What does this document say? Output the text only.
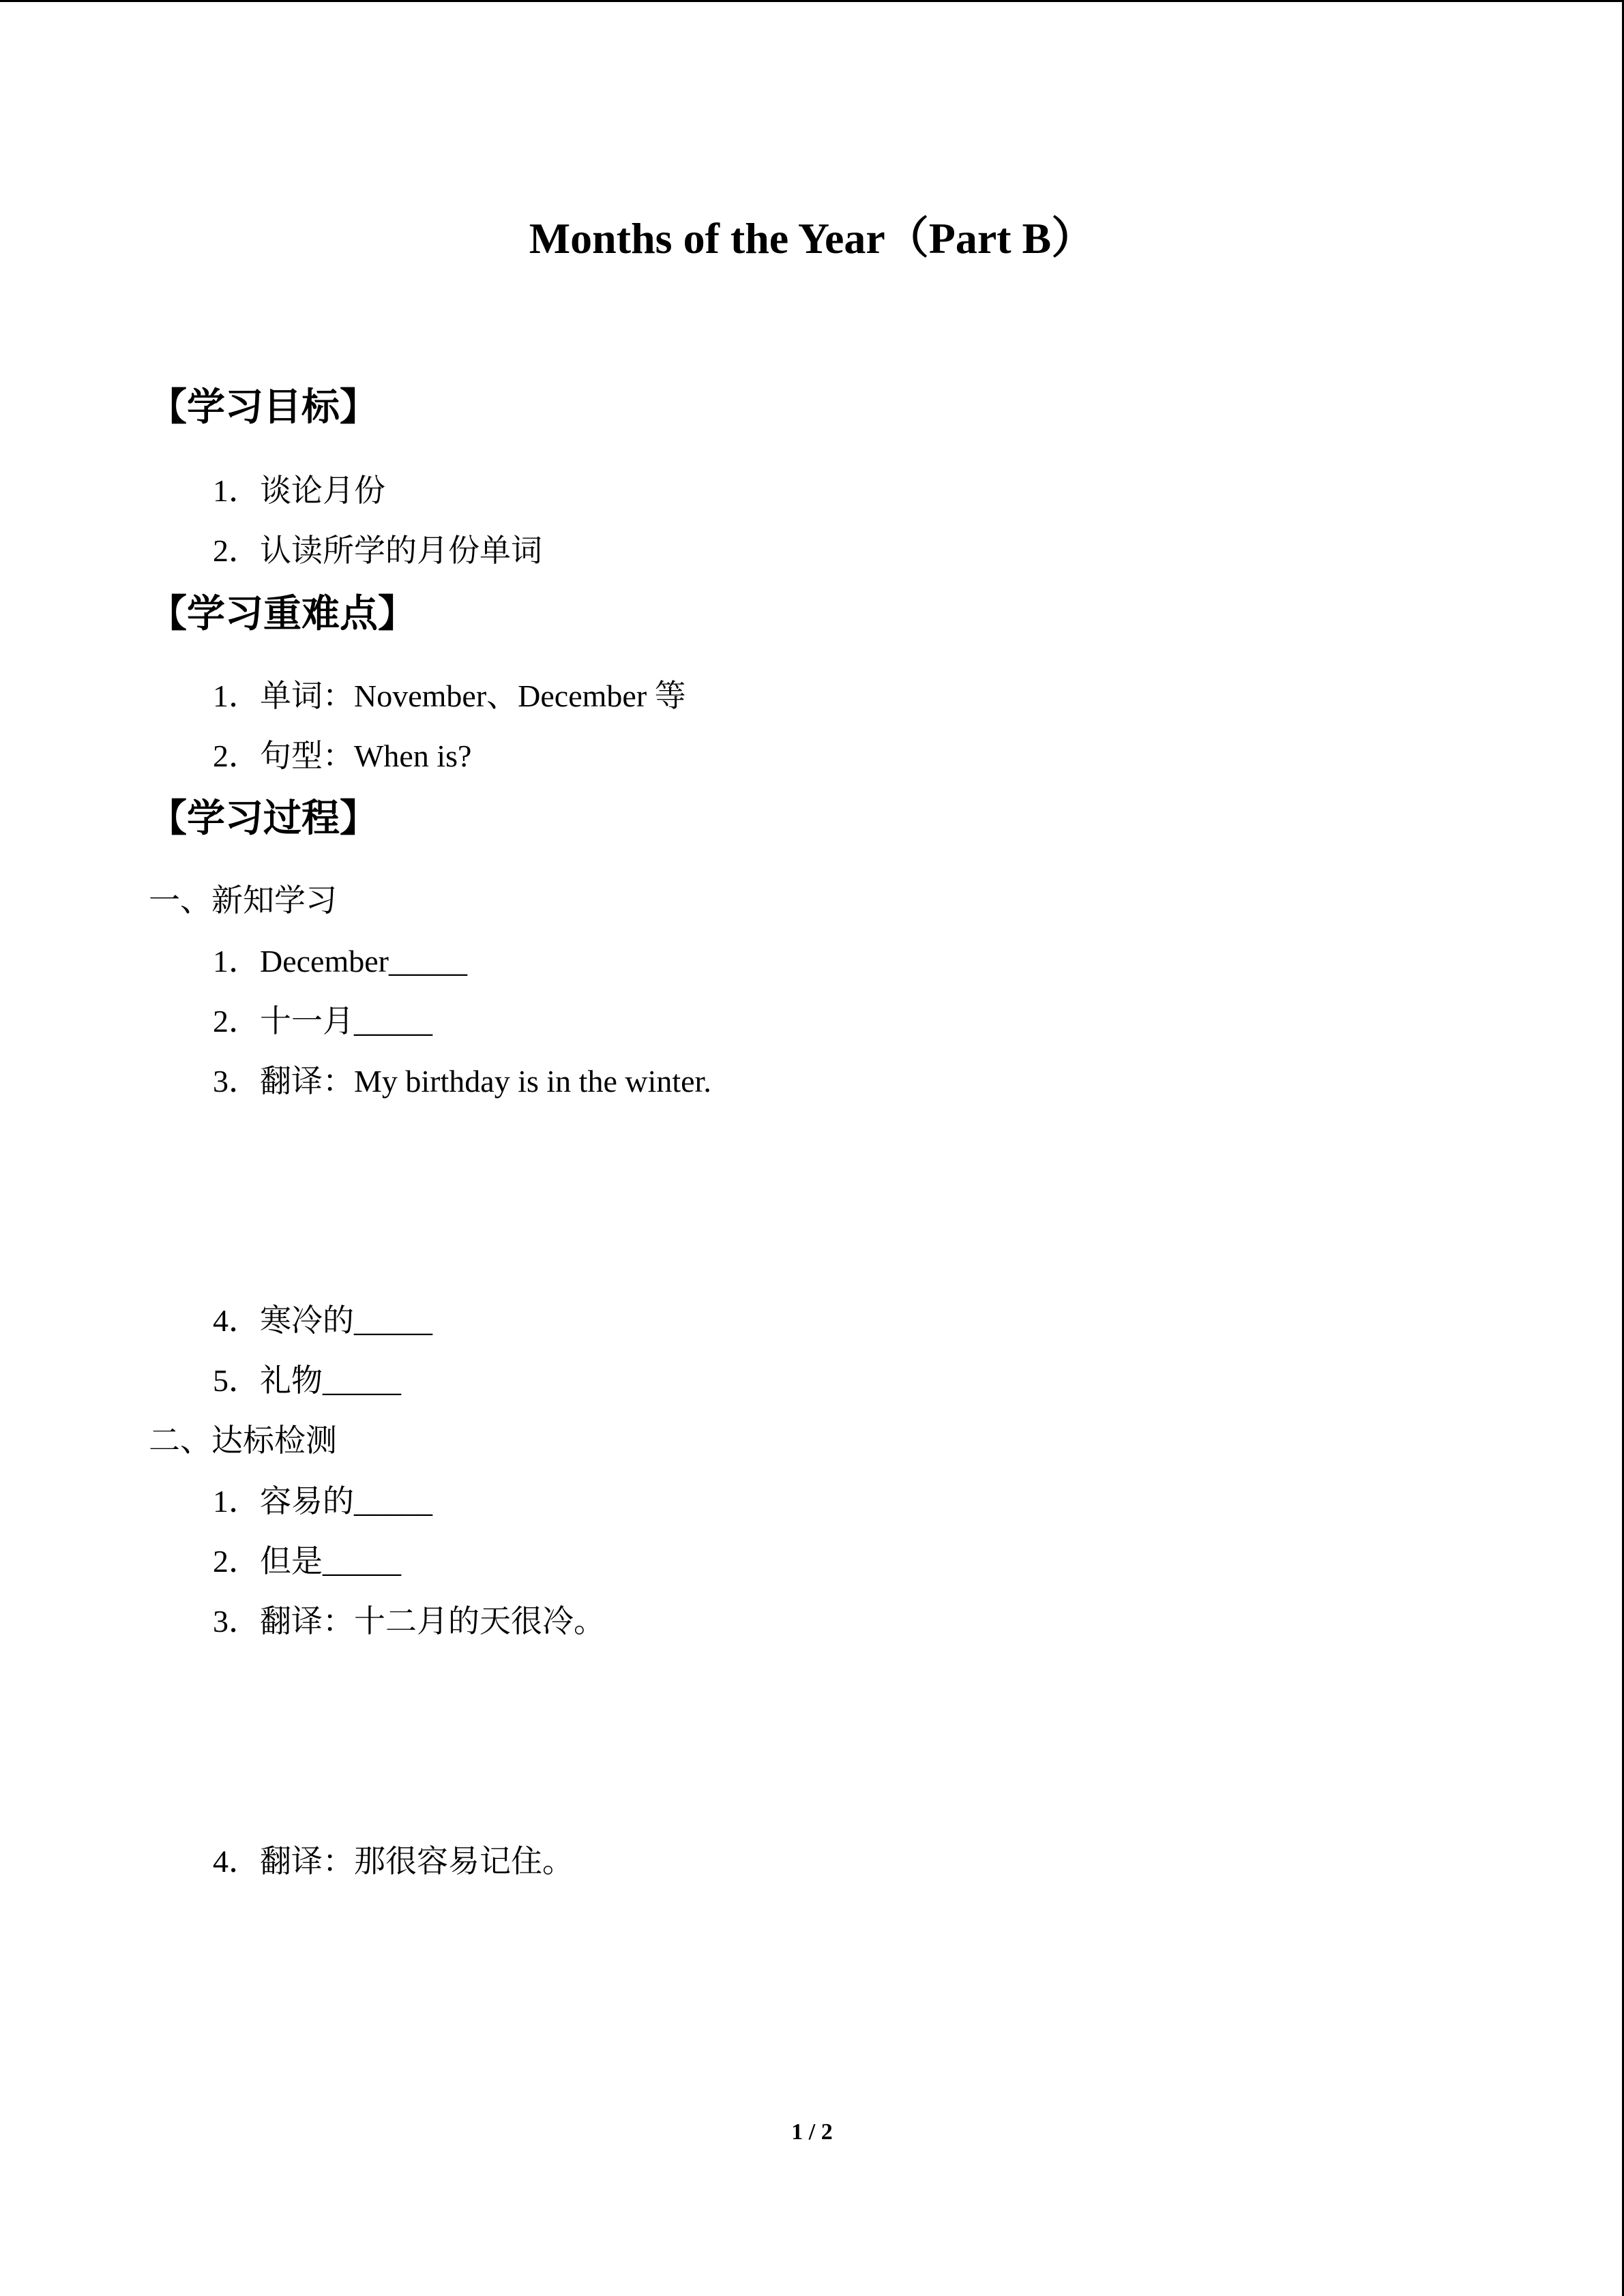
Months of the Year（Part B）
【学习目标】
1．谈论月份
2．认读所学的月份单词
【学习重难点】
1．单词：November、December 等
2．句型：When is?
【学习过程】
一、新知学习
1．December_____
2．十一月_____
3．翻译：My birthday is in the winter.
4．寒冷的_____
5．礼物_____
二、达标检测
1．容易的_____
2．但是_____
3．翻译：十二月的天很冷。
4．翻译：那很容易记住。
1 / 2
